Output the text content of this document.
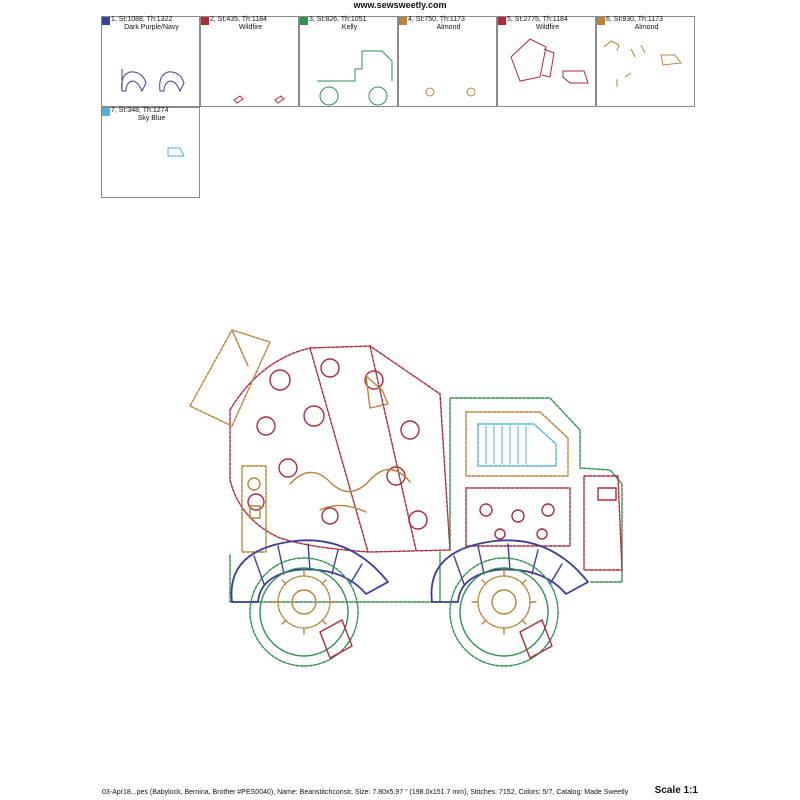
www.sewsweetly.com
1, St:1088, Th:1322
Dark Purple/Navy
2, St:435, Th:1184
Wildfire
3, St:826, Th:1051
Kelly
4, St:750, Th:1173
Almond
5, St:2775, Th:1184
Wildfire
6, St:930, Th:1173
Almond
7, St:348, Th:1274
Sky Blue
03-Apr18...pes (Babylock, Bernina, Brother #PES0040), Name: Beanstitchconstr, Size: 7.80x5.97 " (198.0x151.7 mm), Stitches: 7152, Colors: 5/7, Catalog: Made Sweetly	Scale 1:1
